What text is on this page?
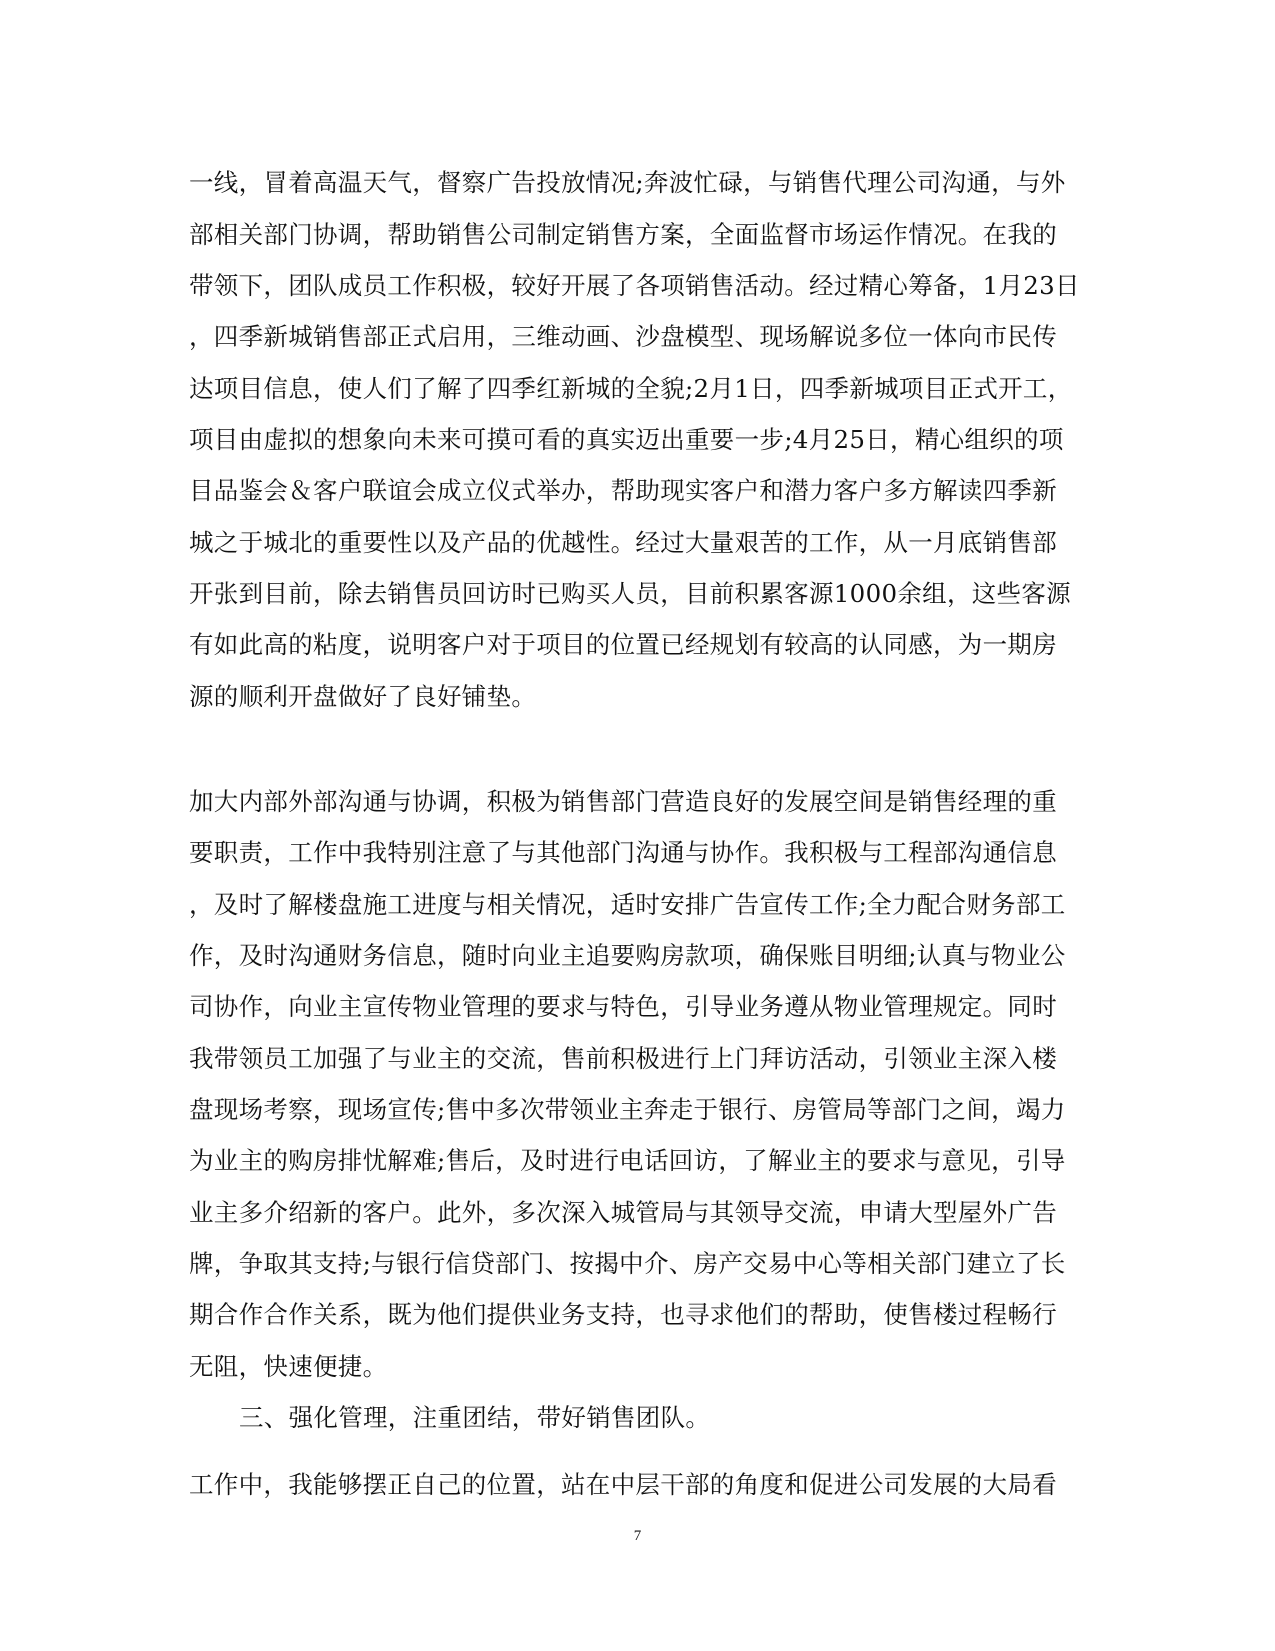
一线，冒着高温天气，督察广告投放情况;奔波忙碌，与销售代理公司沟通，与外
部相关部门协调，帮助销售公司制定销售方案，全面监督市场运作情况。在我的
带领下，团队成员工作积极，较好开展了各项销售活动。经过精心筹备，1月23日
，四季新城销售部正式启用，三维动画、沙盘模型、现场解说多位一体向市民传
达项目信息，使人们了解了四季红新城的全貌;2月1日，四季新城项目正式开工，
项目由虚拟的想象向未来可摸可看的真实迈出重要一步;4月25日，精心组织的项
目品鉴会＆客户联谊会成立仪式举办，帮助现实客户和潜力客户多方解读四季新
城之于城北的重要性以及产品的优越性。经过大量艰苦的工作，从一月底销售部
开张到目前，除去销售员回访时已购买人员，目前积累客源1000余组，这些客源
有如此高的粘度，说明客户对于项目的位置已经规划有较高的认同感，为一期房
源的顺利开盘做好了良好铺垫。
加大内部外部沟通与协调，积极为销售部门营造良好的发展空间是销售经理的重
要职责，工作中我特别注意了与其他部门沟通与协作。我积极与工程部沟通信息
，及时了解楼盘施工进度与相关情况，适时安排广告宣传工作;全力配合财务部工
作，及时沟通财务信息，随时向业主追要购房款项，确保账目明细;认真与物业公
司协作，向业主宣传物业管理的要求与特色，引导业务遵从物业管理规定。同时
我带领员工加强了与业主的交流，售前积极进行上门拜访活动，引领业主深入楼
盘现场考察，现场宣传;售中多次带领业主奔走于银行、房管局等部门之间，竭力
为业主的购房排忧解难;售后，及时进行电话回访，了解业主的要求与意见，引导
业主多介绍新的客户。此外，多次深入城管局与其领导交流，申请大型屋外广告
牌，争取其支持;与银行信贷部门、按揭中介、房产交易中心等相关部门建立了长
期合作合作关系，既为他们提供业务支持，也寻求他们的帮助，使售楼过程畅行
无阻，快速便捷。
三、强化管理，注重团结，带好销售团队。
工作中，我能够摆正自己的位置，站在中层干部的角度和促进公司发展的大局看
7
